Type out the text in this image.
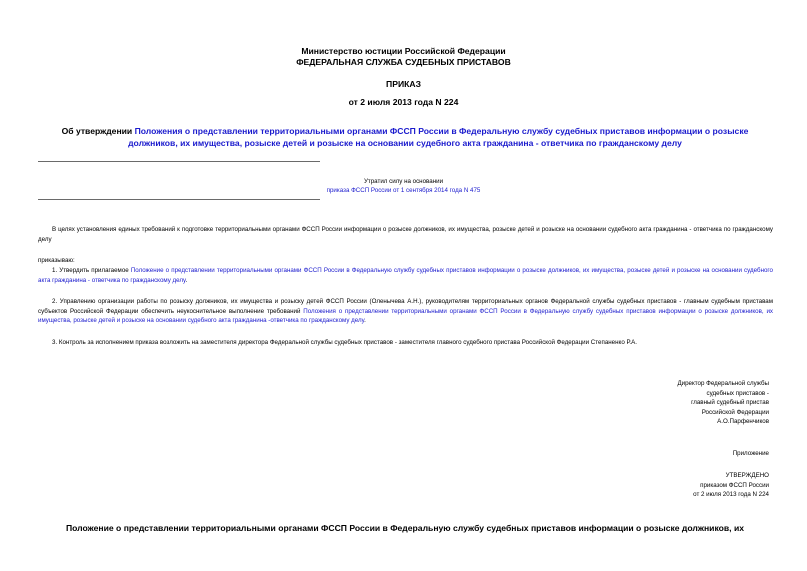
Министерство юстиции Российской Федерации
ФЕДЕРАЛЬНАЯ СЛУЖБА СУДЕБНЫХ ПРИСТАВОВ
ПРИКАЗ
от 2 июля 2013 года N 224
Об утверждении Положения о представлении территориальными органами ФССП России в Федеральную службу судебных приставов информации о розыске должников, их имущества, розыске детей и розыске на основании судебного акта гражданина - ответчика по гражданскому делу
Утратил силу на основании
приказа ФССП России от 1 сентября 2014 года N 475
В целях установления единых требований к подготовке территориальными органами ФССП России информации о розыске должников, их имущества, розыске детей и розыске на основании судебного акта гражданина - ответчика по гражданскому делу
приказываю:
1. Утвердить прилагаемое Положение о представлении территориальными органами ФССП России в Федеральную службу судебных приставов информации о розыске должников, их имущества, розыске детей и розыске на основании судебного акта гражданина - ответчика по гражданскому делу.
2. Управлению организации работы по розыску должников, их имущества и розыску детей ФССП России (Оленычева А.Н.), руководителям территориальных органов Федеральной службы судебных приставов - главным судебным приставам субъектов Российской Федерации обеспечить неукоснительное выполнение требований Положения о представлении территориальными органами ФССП России в Федеральную службу судебных приставов информации о розыске должников, их имущества, розыске детей и розыске на основании судебного акта гражданина -ответчика по гражданскому делу.
3. Контроль за исполнением приказа возложить на заместителя директора Федеральной службы судебных приставов - заместителя главного судебного пристава Российской Федерации Степаненко Р.А.
Директор Федеральной службы
судебных приставов -
главный судебный пристав
Российской Федерации
А.О.Парфенчиков
Приложение
УТВЕРЖДЕНО
приказом ФССП России
от 2 июля 2013 года N 224
Положение о представлении территориальными органами ФССП России в Федеральную службу судебных приставов информации о розыске должников, их
